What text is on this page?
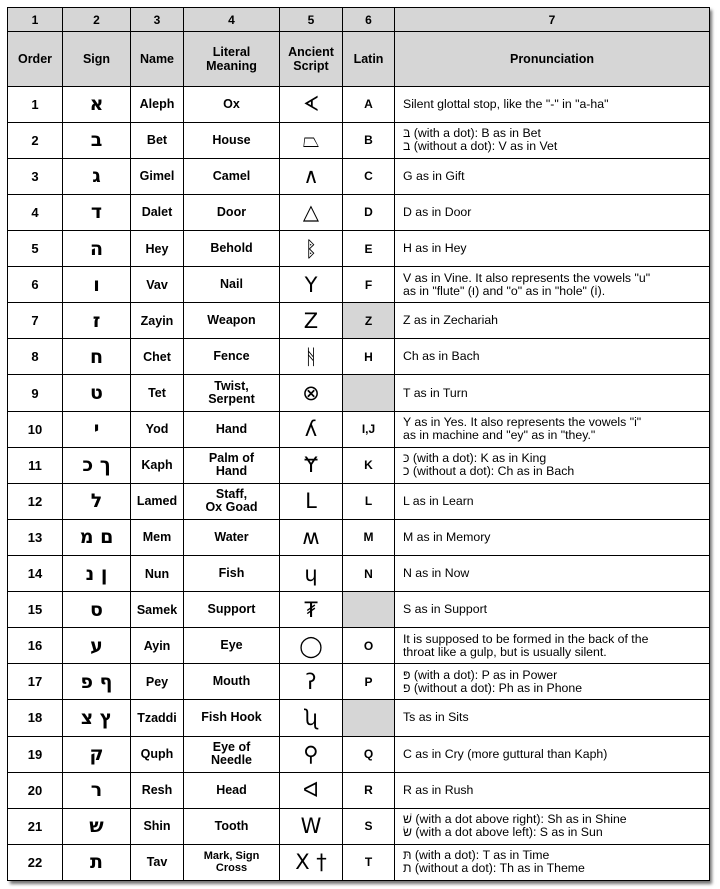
1	2	3	4	5	6	7
Order	Sign	Name	Literal
Meaning	Ancient
Script	Latin	Pronunciation
1	א	Aleph	Ox	ᗉ	A	Silent glottal stop, like the "-" in "a-ha"
2	ב	Bet	House	⏢	B	בּ (with a dot): B as in Bet
ב (without a dot): V as in Vet
3	ג	Gimel	Camel	∧	C	G as in Gift
4	ד	Dalet	Door	△	D	D as in Door
5	ה	Hey	Behold	ᛔ	E	H as in Hey
6	ו	Vav	Nail	Y	F	V as in Vine. It also represents the vowels "u"
as in "flute" (וּ) and "o" as in "hole" (וֹ).
7	ז	Zayin	Weapon	Z	Z	Z as in Zechariah
8	ח	Chet	Fence	ᚻ	H	Ch as in Bach
9	ט	Tet	Twist,
Serpent	⊗		T as in Turn
10	י	Yod	Hand	ʎ	I,J	Y as in Yes. It also represents the vowels "i"
as in machine and "ey" as in "they."
11	ך כ	Kaph	Palm of
Hand	Ɏ	K	כּ (with a dot): K as in King
כ (without a dot): Ch as in Bach
12	ל	Lamed	Staff,
Ox Goad	L	L	L as in Learn
13	ם מ	Mem	Water	ʍ	M	M as in Memory
14	ן נ	Nun	Fish	ɥ	N	N as in Now
15	ס	Samek	Support	₮		S as in Support
16	ע	Ayin	Eye	◯	O	It is supposed to be formed in the back of the
throat like a gulp, but is usually silent.
17	ף פ	Pey	Mouth	ʔ	P	פּ (with a dot): P as in Power
פ (without a dot): Ph as in Phone
18	ץ צ	Tzaddi	Fish Hook	ʯ		Ts as in Sits
19	ק	Quph	Eye of
Needle	⚲	Q	C as in Cry (more guttural than Kaph)
20	ר	Resh	Head	ᐊ	R	R as in Rush
21	ש	Shin	Tooth	W	S	שׁ (with a dot above right): Sh as in Shine
שׂ (with a dot above left): S as in Sun
22	ת	Tav	Mark, Sign
Cross	X †	T	תּ (with a dot): T as in Time
ת (without a dot): Th as in Theme
